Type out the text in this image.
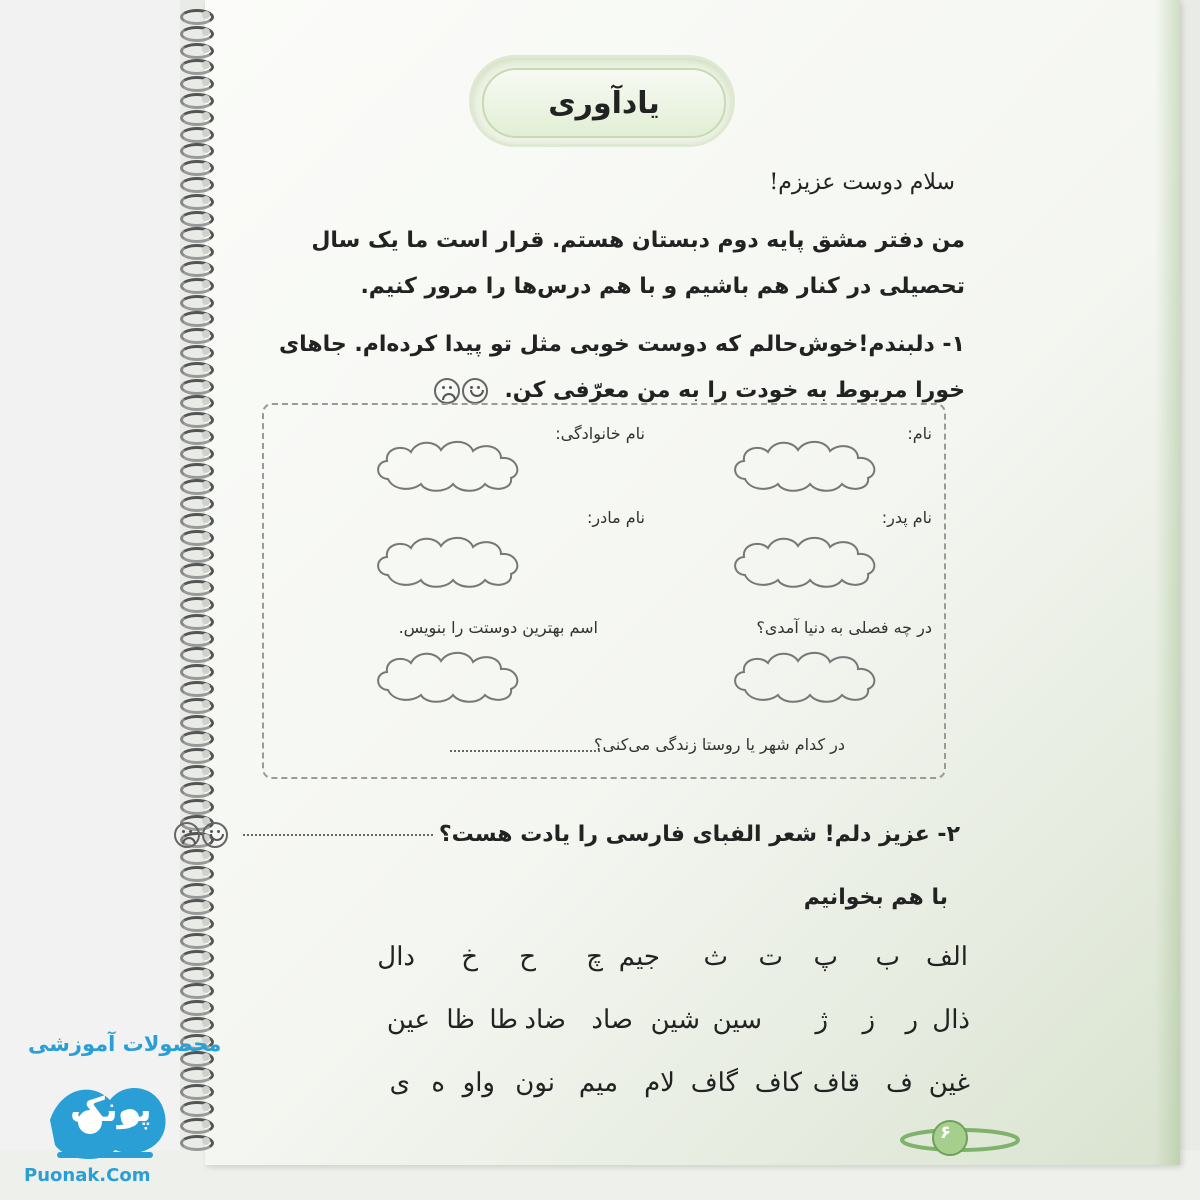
یادآوری
سلام دوست عزیزم!
من دفتر مشق پایه دوم دبستان هستم. قرار است ما یک سال تحصیلی در کنار هم باشیم و با هم درس‌ها را مرور کنیم.
۱- دلبندم!خوش‌حالم که دوست خوبی مثل تو پیدا کرده‌ام. جاهای خورا مربوط به خودت را به من معرّفی کن.
نام:
نام خانوادگی:
نام پدر:
نام مادر:
در چه فصلی به دنیا آمدی؟
اسم بهترین دوستت را بنویس.
در کدام شهر یا روستا زندگی می‌کنی؟
۲- عزیز دلم! شعر الفبای فارسی را یادت هست؟
با هم بخوانیم
الف
ب
پ
ت
ث
جیم
چ
ح
خ
دال
ذال
ر
ز
ژ
سین
شین
صاد
ضاد
طا
ظا
عین
غین
ف
قاف
کاف
گاف
لام
میم
نون
واو
ه
ی
۶
محصولات آموزشی
پونک
Puonak.Com
